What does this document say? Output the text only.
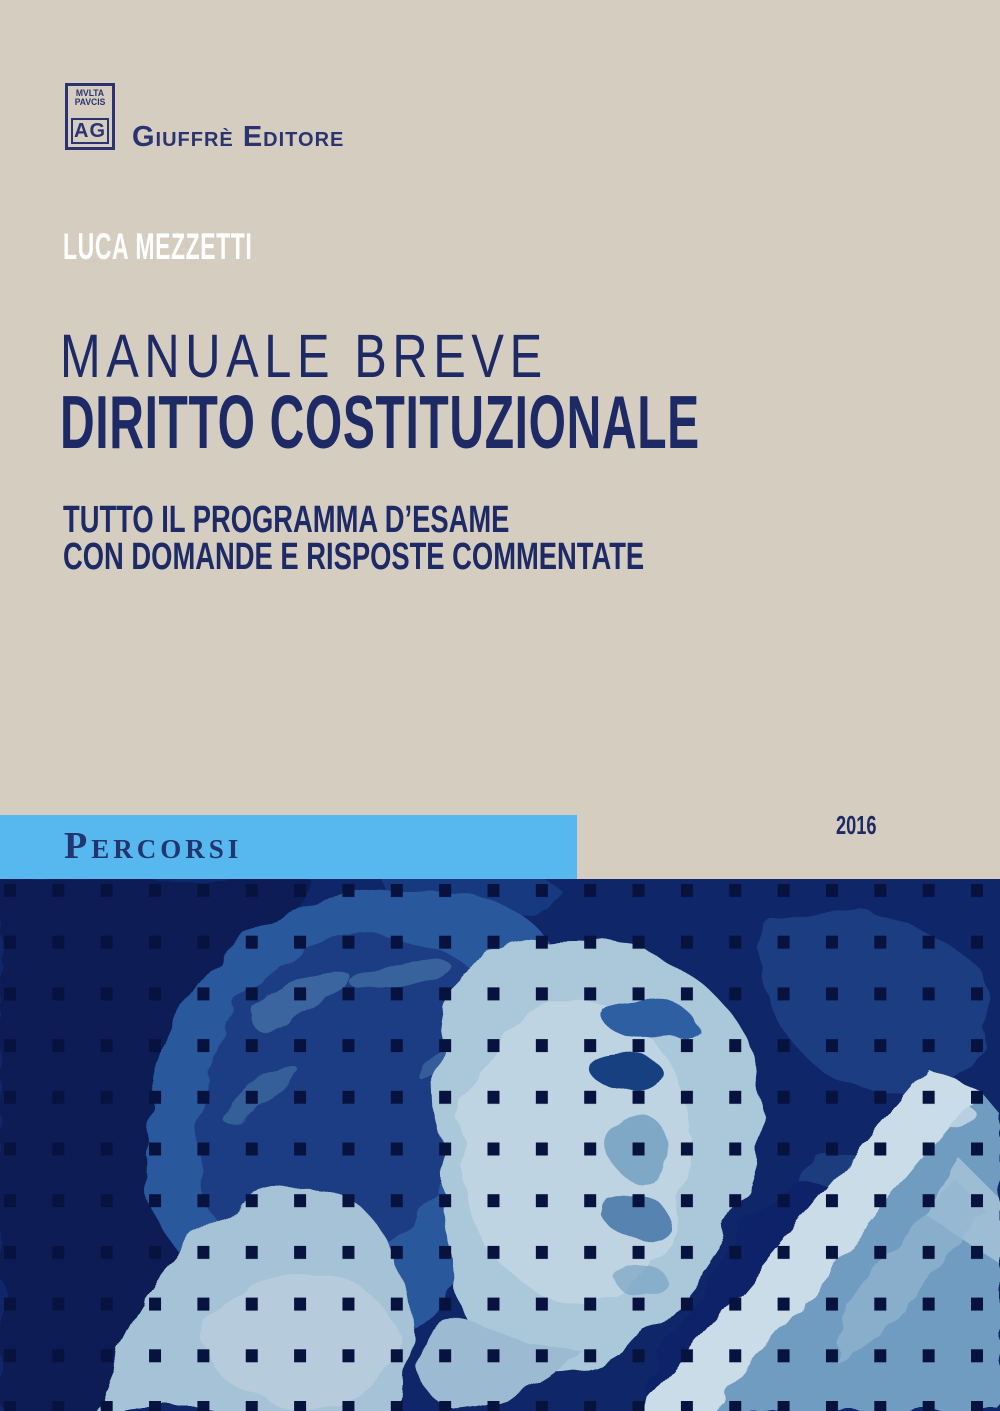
MVLTA
PAVCIS
AG Giuffrè Editore
LUCA MEZZETTI
MANUALE BREVE
DIRITTO COSTITUZIONALE
TUTTO IL PROGRAMMA D’ESAME
CON DOMANDE E RISPOSTE COMMENTATE
Percorsi	2016
